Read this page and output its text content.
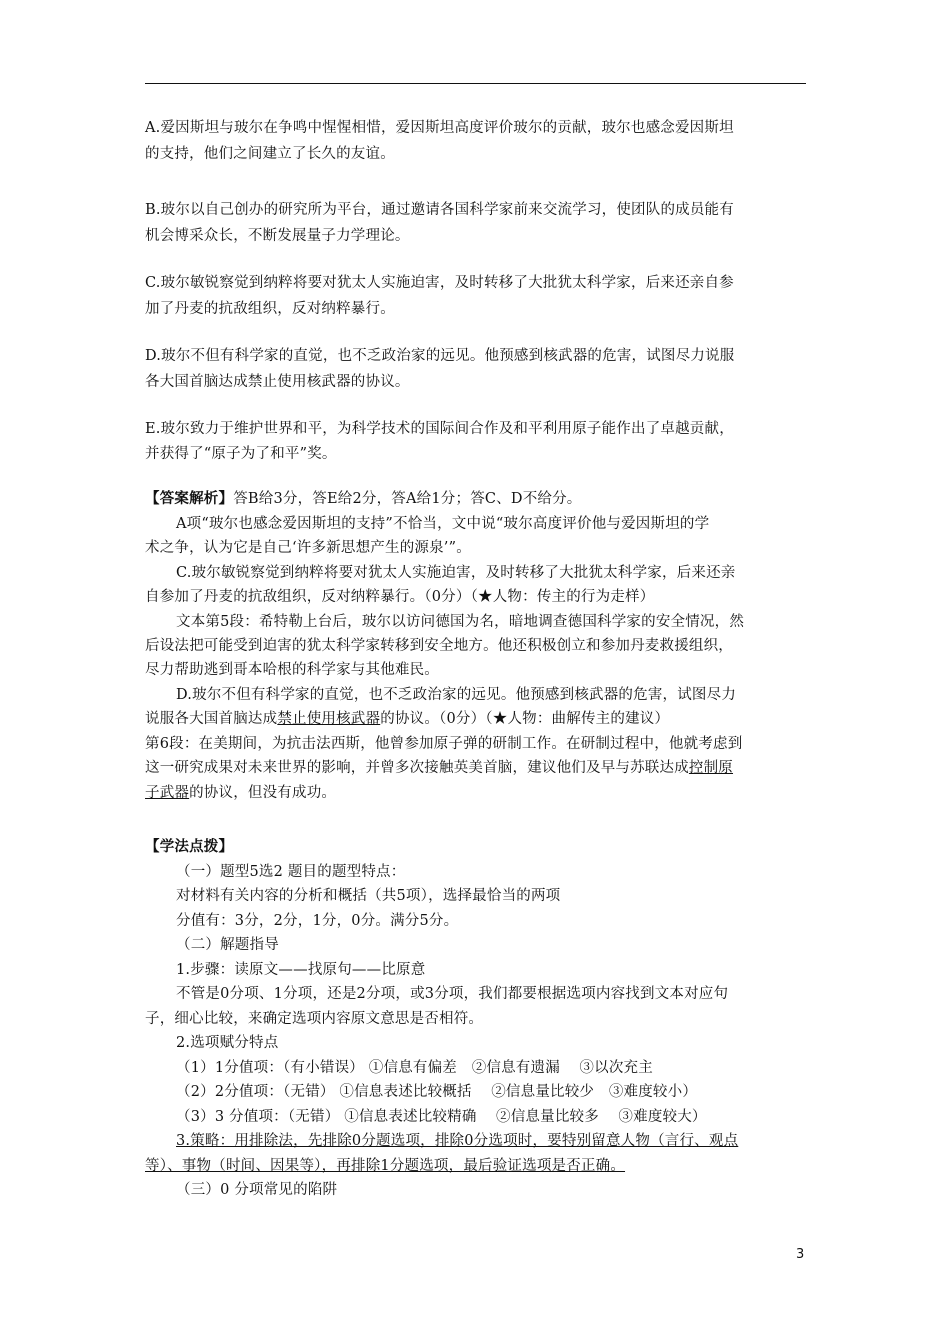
A.爱因斯坦与玻尔在争鸣中惺惺相惜，爱因斯坦高度评价玻尔的贡献，玻尔也感念爱因斯坦
的支持，他们之间建立了长久的友谊。
B.玻尔以自己创办的研究所为平台，通过邀请各国科学家前来交流学习，使团队的成员能有
机会博采众长，不断发展量子力学理论。
C.玻尔敏锐察觉到纳粹将要对犹太人实施迫害，及时转移了大批犹太科学家，后来还亲自参
加了丹麦的抗敌组织，反对纳粹暴行。
D.玻尔不但有科学家的直觉，也不乏政治家的远见。他预感到核武器的危害，试图尽力说服
各大国首脑达成禁止使用核武器的协议。
E.玻尔致力于维护世界和平，为科学技术的国际间合作及和平利用原子能作出了卓越贡献，
并获得了“原子为了和平”奖。
【答案解析】答B给3分，答E给2分，答A给1分；答C、D不给分。
A项“玻尔也感念爱因斯坦的支持”不恰当，文中说“玻尔高度评价他与爱因斯坦的学
术之争，认为它是自己‘许多新思想产生的源泉’”。
C.玻尔敏锐察觉到纳粹将要对犹太人实施迫害，及时转移了大批犹太科学家，后来还亲
自参加了丹麦的抗敌组织，反对纳粹暴行。（0分）（★人物：传主的行为走样）
文本第5段：希特勒上台后，玻尔以访问德国为名，暗地调查德国科学家的安全情况，然
后设法把可能受到迫害的犹太科学家转移到安全地方。他还积极创立和参加丹麦救援组织，
尽力帮助逃到哥本哈根的科学家与其他难民。
D.玻尔不但有科学家的直觉，也不乏政治家的远见。他预感到核武器的危害，试图尽力
说服各大国首脑达成禁止使用核武器的协议。（0分）（★人物：曲解传主的建议）
第6段：在美期间，为抗击法西斯，他曾参加原子弹的研制工作。在研制过程中，他就考虑到
这一研究成果对未来世界的影响，并曾多次接触英美首脑，建议他们及早与苏联达成控制原
子武器的协议，但没有成功。
【学法点拨】
（一）题型5选2 题目的题型特点：
对材料有关内容的分析和概括（共5项），选择最恰当的两项
分值有：3分，2分，1分，0分。满分5分。
（二）解题指导
1.步骤：读原文——找原句——比原意
不管是0分项、1分项，还是2分项，或3分项，我们都要根据选项内容找到文本对应句
子，细心比较，来确定选项内容原文意思是否相符。
2.选项赋分特点
（1）1分值项：（有小错误） ①信息有偏差　②信息有遗漏　 ③以次充主
（2）2分值项：（无错） ①信息表述比较概括　 ②信息量比较少　③难度较小）
（3）3 分值项：（无错） ①信息表述比较精确　 ②信息量比较多　 ③难度较大）
3.策略：用排除法，先排除0分题选项，排除0分选项时，要特别留意人物（言行、观点
等）、事物（时间、因果等），再排除1分题选项，最后验证选项是否正确。
（三）0 分项常见的陷阱
3
